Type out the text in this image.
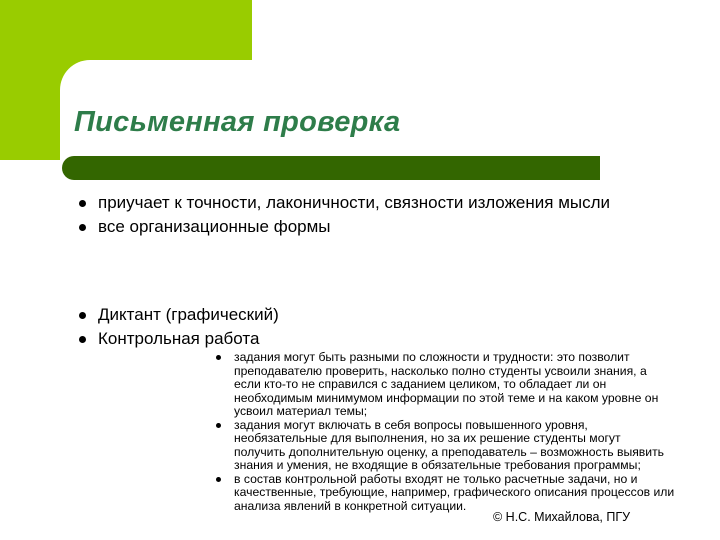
Письменная проверка
приучает к точности, лаконичности, связности изложения мысли
все организационные формы
Диктант (графический)
Контрольная работа
задания могут быть разными по сложности и трудности: это позволит преподавателю проверить, насколько полно студенты усвоили знания, а если кто-то не справился с заданием целиком, то обладает ли он необходимым минимумом информации по этой теме и на каком уровне он усвоил материал темы;
задания могут включать в себя вопросы повышенного уровня, необязательные для выполнения, но за их решение студенты могут получить дополнительную оценку, а преподаватель – возможность выявить знания и умения, не входящие в обязательные требования программы;
в состав контрольной работы входят не только расчетные задачи, но и качественные, требующие, например, графического описания процессов или анализа явлений в конкретной ситуации.
© Н.С. Михайлова, ПГУ
